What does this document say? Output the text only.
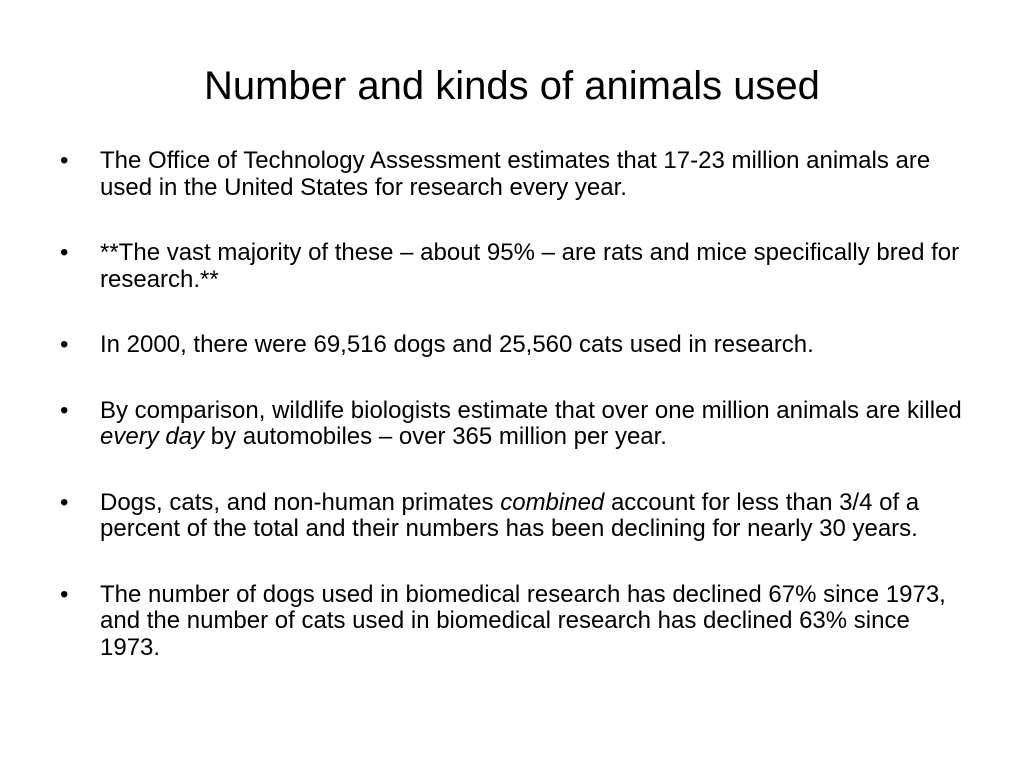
Number and kinds of animals used
•	The Office of Technology Assessment estimates that 17-23 million animals are used in the United States for research every year.
•	**The vast majority of these – about 95% – are rats and mice specifically bred for research.**
•	In 2000, there were 69,516 dogs and 25,560 cats used in research.
•	By comparison, wildlife biologists estimate that over one million animals are killed every day by automobiles – over 365 million per year.
•	Dogs, cats, and non-human primates combined account for less than 3/4 of a percent of the total and their numbers has been declining for nearly 30 years.
•	The number of dogs used in biomedical research has declined 67% since 1973, and the number of cats used in biomedical research has declined 63% since 1973.
